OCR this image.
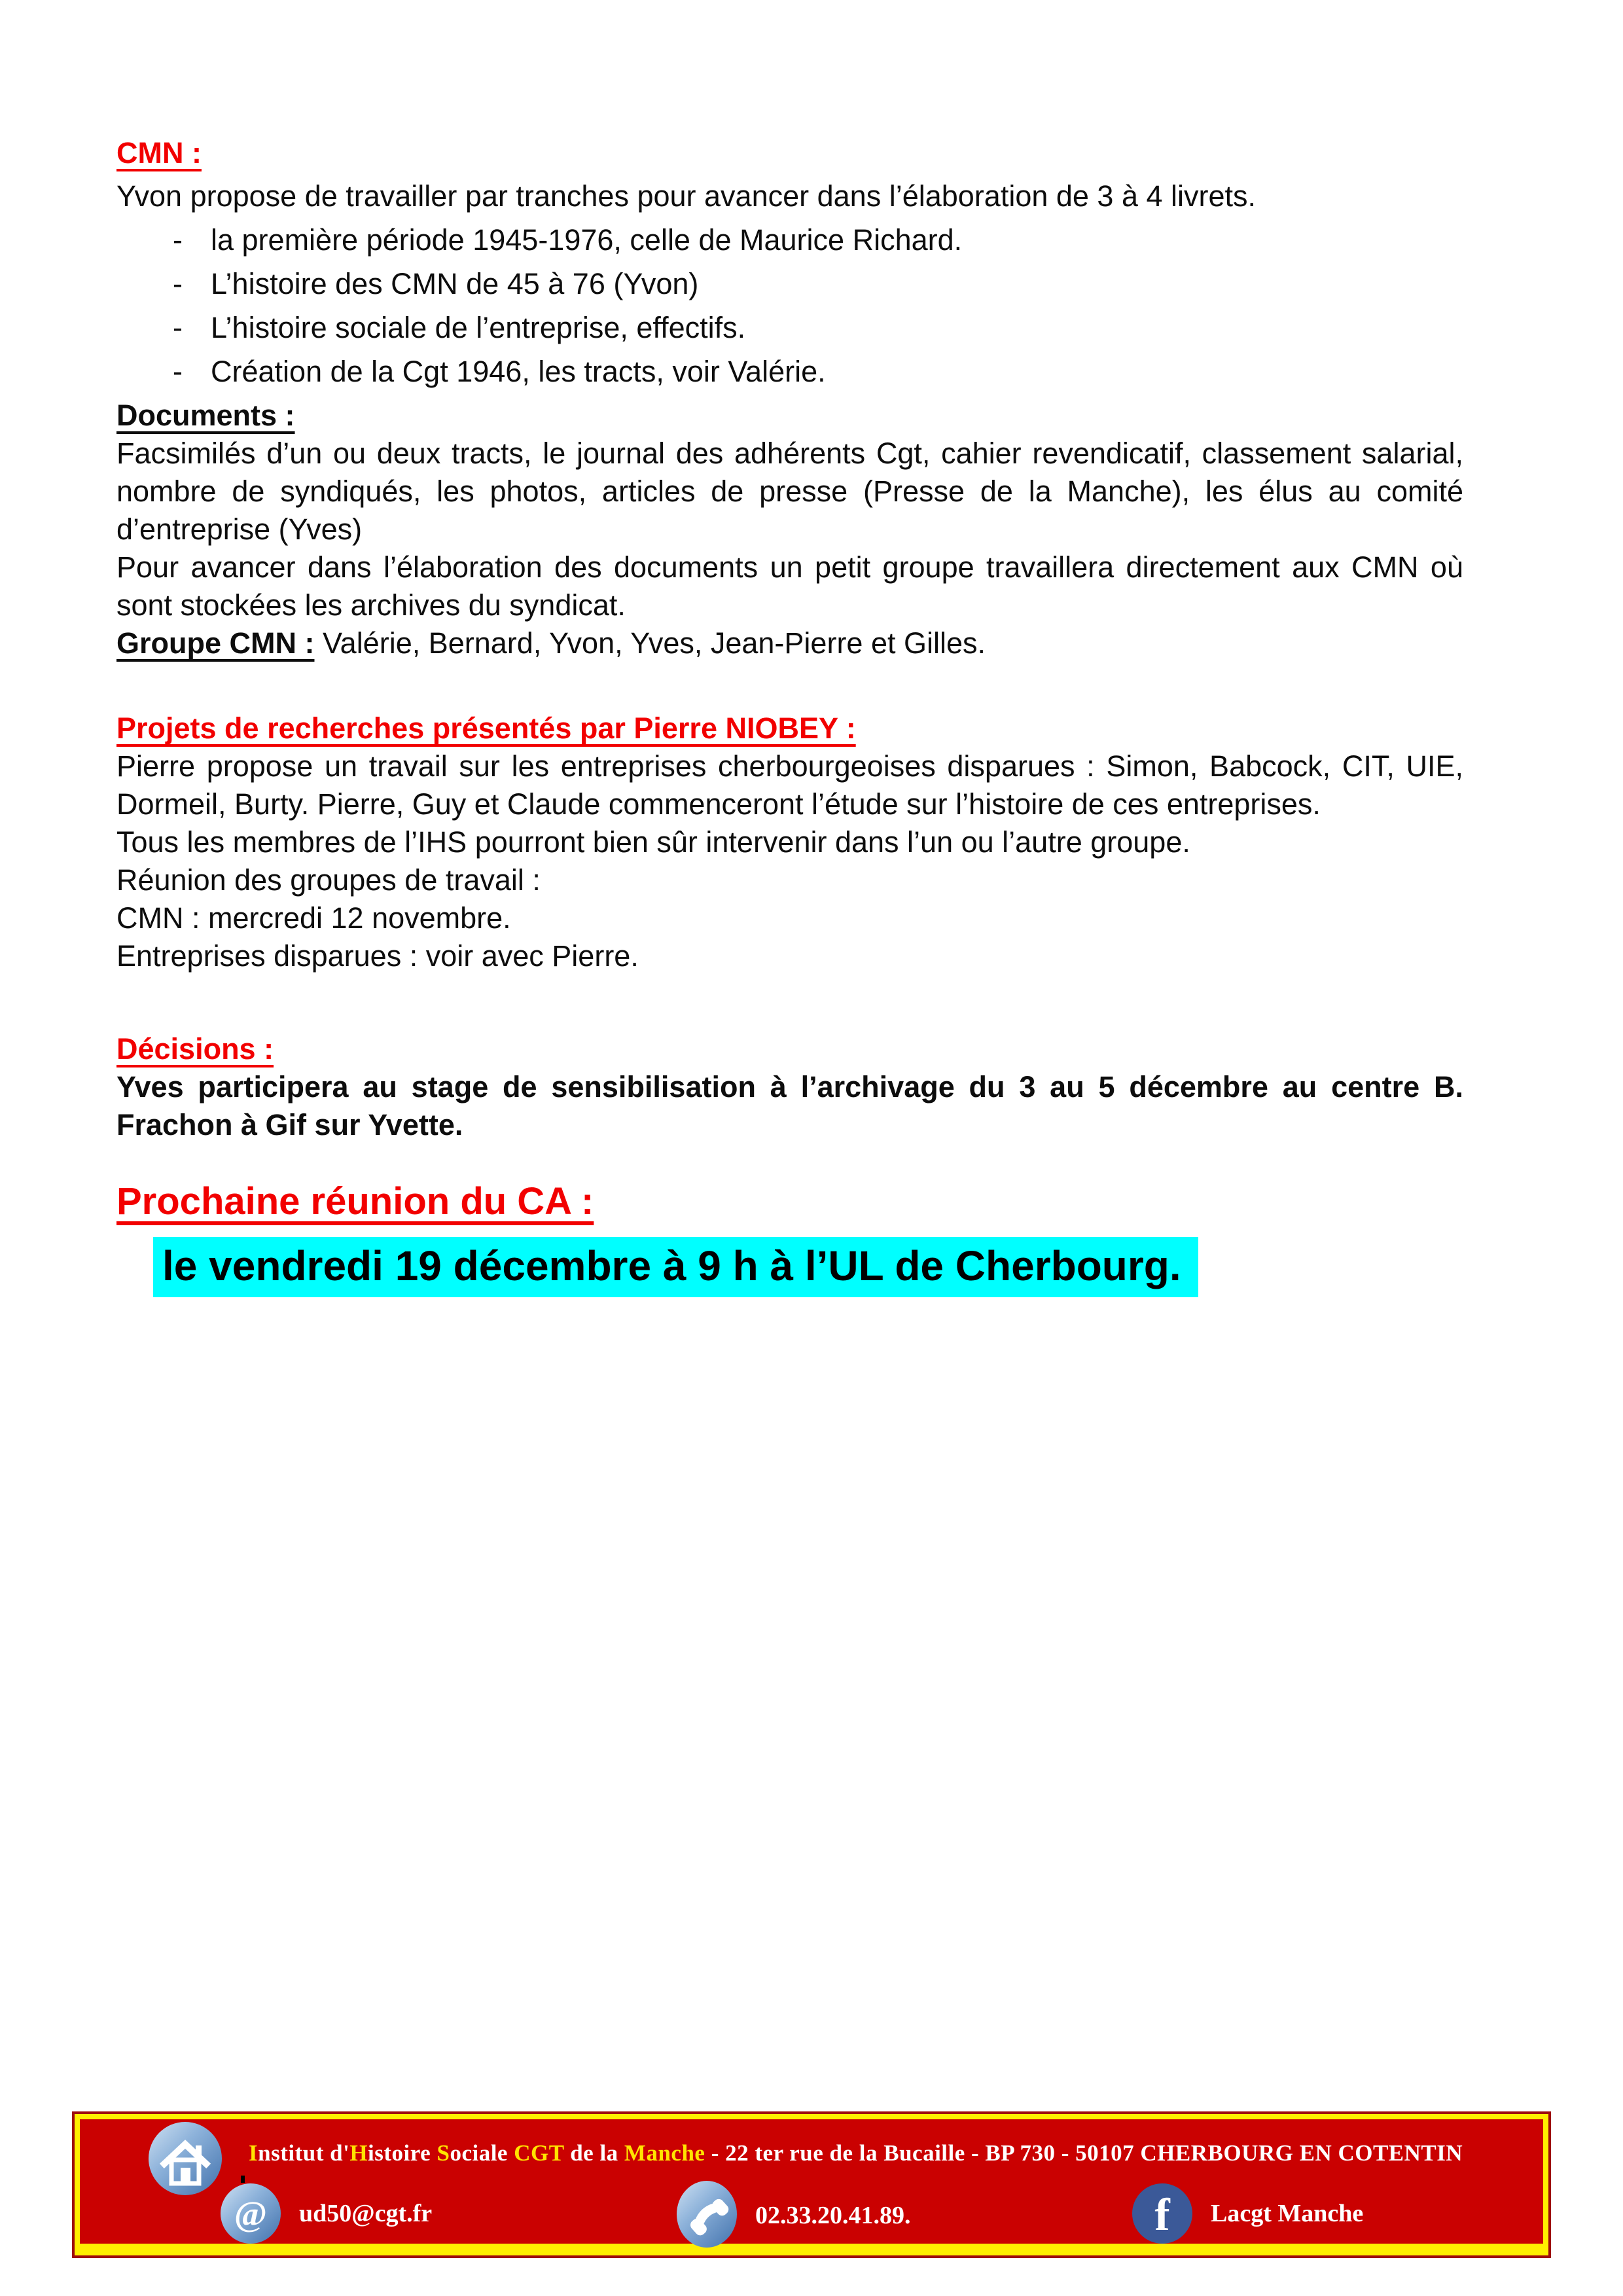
CMN :

Yvon propose de travailler par tranches pour avancer dans l’élaboration de 3 à 4 livrets.

- la première période 1945-1976, celle de Maurice Richard.
- L’histoire des CMN de 45 à 76 (Yvon)
- L’histoire sociale de l’entreprise, effectifs.
- Création de la Cgt 1946, les tracts, voir Valérie.
Documents :

Facsimilés d’un ou deux tracts, le journal des adhérents Cgt, cahier revendicatif, classement salarial, nombre de syndiqués, les photos, articles de presse (Presse de la Manche), les élus au comité d’entreprise (Yves)

Pour avancer dans l’élaboration des documents un petit groupe travaillera directement aux CMN où sont stockées les archives du syndicat.

Groupe CMN : Valérie, Bernard, Yvon, Yves, Jean-Pierre et Gilles.

Projets de recherches présentés par Pierre NIOBEY :

Pierre propose un travail sur les entreprises cherbourgeoises disparues : Simon, Babcock, CIT, UIE, Dormeil, Burty. Pierre, Guy et Claude commenceront l’étude sur l’histoire de ces entreprises.

Tous les membres de l’IHS pourront bien sûr intervenir dans l’un ou l’autre groupe.

Réunion des groupes de travail :

CMN : mercredi 12 novembre.

Entreprises disparues : voir avec Pierre.

Décisions :

Yves participera au stage de sensibilisation à l’archivage du 3 au 5 décembre au centre B. Frachon à Gif sur Yvette.

Prochaine réunion du CA :
le vendredi 19 décembre à 9 h à l’UL de Cherbourg.
Institut d'Histoire Sociale CGT de la Manche - 22 ter rue de la Bucaille - BP 730 - 50107 CHERBOURG EN COTENTIN
@ ud50@cgt.fr	02.33.20.41.89.	f Lacgt Manche
